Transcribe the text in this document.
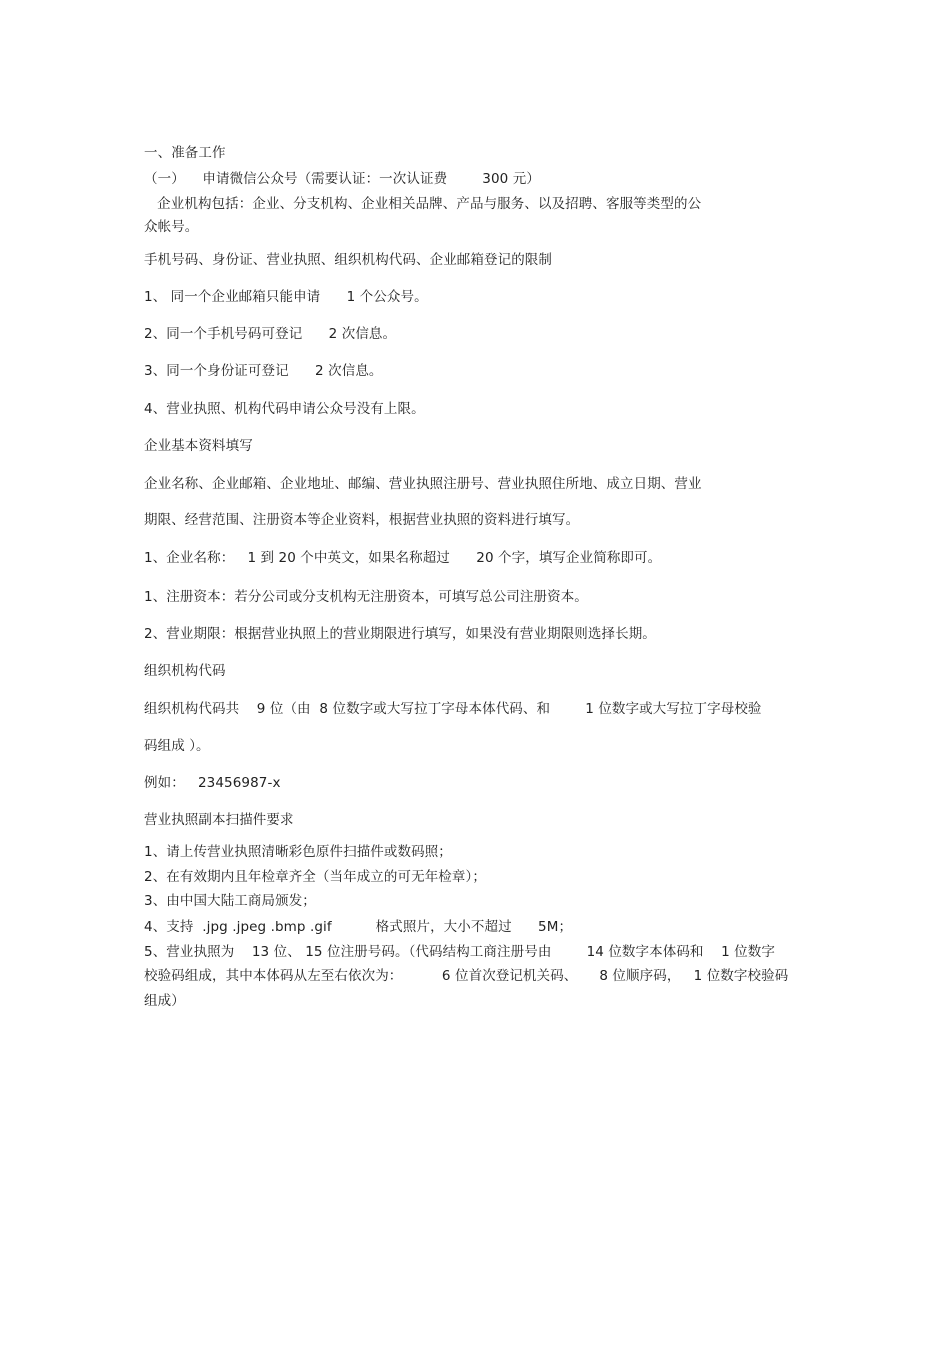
一、准备工作
（一）    申请微信公众号（需要认证：一次认证费        300 元）
企业机构包括：企业、分支机构、企业相关品牌、产品与服务、以及招聘、客服等类型的公
众帐号。
手机号码、身份证、营业执照、组织机构代码、企业邮箱登记的限制
1、 同一个企业邮箱只能申请      1 个公众号。
2、同一个手机号码可登记      2 次信息。
3、同一个身份证可登记      2 次信息。
4、营业执照、机构代码申请公众号没有上限。
企业基本资料填写
企业名称、企业邮箱、企业地址、邮编、营业执照注册号、营业执照住所地、成立日期、营业
期限、经营范围、注册资本等企业资料，根据营业执照的资料进行填写。
1、企业名称：   1 到 20 个中英文，如果名称超过      20 个字，填写企业简称即可。
1、注册资本：若分公司或分支机构无注册资本，可填写总公司注册资本。
2、营业期限：根据营业执照上的营业期限进行填写，如果没有营业期限则选择长期。
组织机构代码
组织机构代码共    9 位（由  8 位数字或大写拉丁字母本体代码、和        1 位数字或大写拉丁字母校验
码组成 ）。
例如：   23456987-x
营业执照副本扫描件要求
1、请上传营业执照清晰彩色原件扫描件或数码照；
2、在有效期内且年检章齐全（当年成立的可无年检章）；
3、由中国大陆工商局颁发；
4、支持  .jpg .jpeg .bmp .gif          格式照片，大小不超过      5M；
5、营业执照为    13 位、 15 位注册号码。（代码结构工商注册号由        14 位数字本体码和    1 位数字
校验码组成，其中本体码从左至右依次为：         6 位首次登记机关码、     8 位顺序码，   1 位数字校验码
组成）
